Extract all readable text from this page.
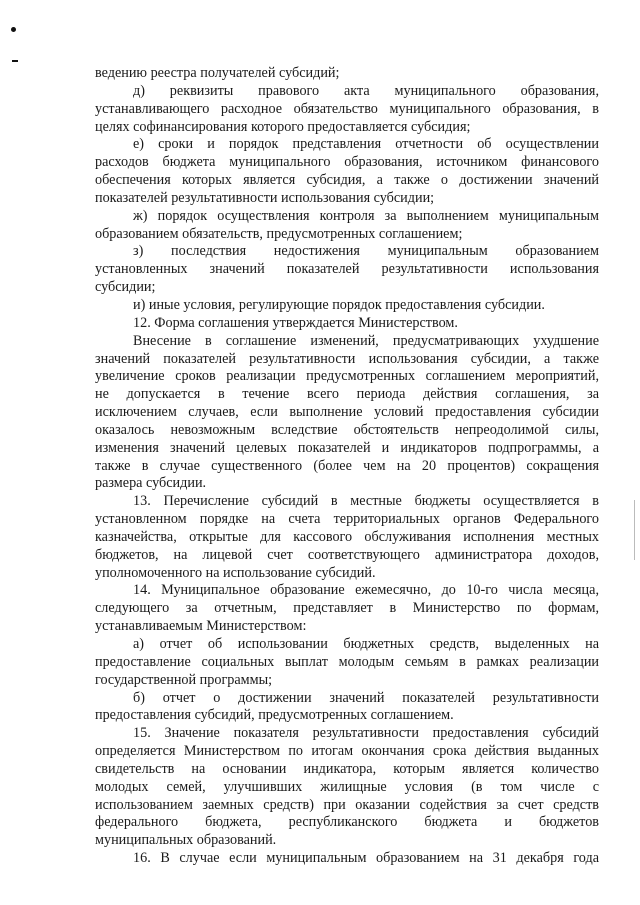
ведению реестра получателей субсидий;
д) реквизиты правового акта муниципального образования,
устанавливающего расходное обязательство муниципального образования, в
целях софинансирования которого предоставляется субсидия;
е) сроки и порядок представления отчетности об осуществлении
расходов бюджета муниципального образования, источником финансового
обеспечения которых является субсидия, а также о достижении значений
показателей результативности использования субсидии;
ж) порядок осуществления контроля за выполнением муниципальным
образованием обязательств, предусмотренных соглашением;
з) последствия недостижения муниципальным образованием
установленных значений показателей результативности использования
субсидии;
и) иные условия, регулирующие порядок предоставления субсидии.
12. Форма соглашения утверждается Министерством.
Внесение в соглашение изменений, предусматривающих ухудшение
значений показателей результативности использования субсидии, а также
увеличение сроков реализации предусмотренных соглашением мероприятий,
не допускается в течение всего периода действия соглашения, за
исключением случаев, если выполнение условий предоставления субсидии
оказалось невозможным вследствие обстоятельств непреодолимой силы,
изменения значений целевых показателей и индикаторов подпрограммы, а
также в случае существенного (более чем на 20 процентов) сокращения
размера субсидии.
13. Перечисление субсидий в местные бюджеты осуществляется в
установленном порядке на счета территориальных органов Федерального
казначейства, открытые для кассового обслуживания исполнения местных
бюджетов, на лицевой счет соответствующего администратора доходов,
уполномоченного на использование субсидий.
14. Муниципальное образование ежемесячно, до 10-го числа месяца,
следующего за отчетным, представляет в Министерство по формам,
устанавливаемым Министерством:
а) отчет об использовании бюджетных средств, выделенных на
предоставление социальных выплат молодым семьям в рамках реализации
государственной программы;
б) отчет о достижении значений показателей результативности
предоставления субсидий, предусмотренных соглашением.
15. Значение показателя результативности предоставления субсидий
определяется Министерством по итогам окончания срока действия выданных
свидетельств на основании индикатора, которым является количество
молодых семей, улучшивших жилищные условия (в том числе с
использованием заемных средств) при оказании содействия за счет средств
федерального бюджета, республиканского бюджета и бюджетов
муниципальных образований.
16. В случае если муниципальным образованием на 31 декабря года
